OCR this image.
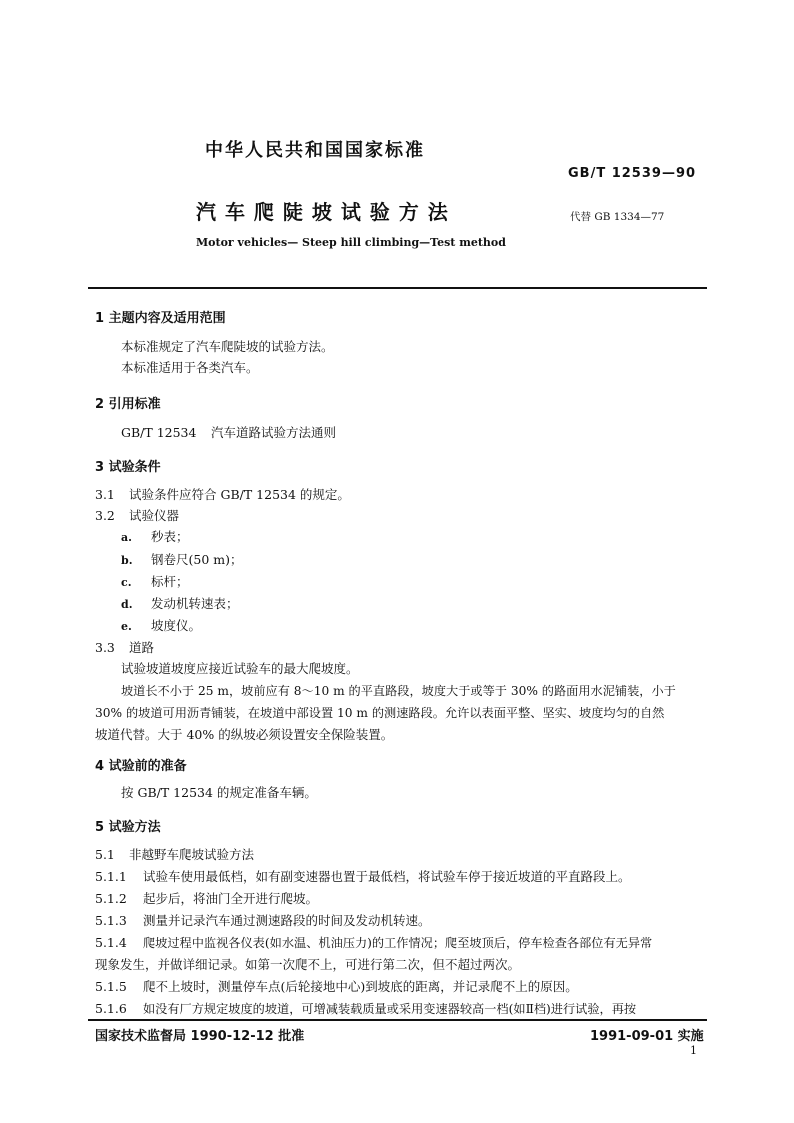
中华人民共和国国家标准
GB/T 12539—90
汽 车 爬 陡 坡 试 验 方 法	代替 GB 1334—77
Motor vehicles— Steep hill climbing—Test method
1 主题内容及适用范围
本标准规定了汽车爬陡坡的试验方法。
本标准适用于各类汽车。
2 引用标准
GB/T 12534 汽车道路试验方法通则
3 试验条件
3.1 试验条件应符合 GB/T 12534 的规定。
3.2 试验仪器
a. 秒表；
b. 钢卷尺(50 m)；
c. 标杆；
d. 发动机转速表；
e. 坡度仪。
3.3 道路
试验坡道坡度应接近试验车的最大爬坡度。
坡道长不小于 25 m，坡前应有 8～10 m 的平直路段，坡度大于或等于 30% 的路面用水泥铺装，小于
30% 的坡道可用沥青铺装，在坡道中部设置 10 m 的测速路段。允许以表面平整、坚实、坡度均匀的自然
坡道代替。大于 40% 的纵坡必须设置安全保险装置。
4 试验前的准备
按 GB/T 12534 的规定准备车辆。
5 试验方法
5.1 非越野车爬坡试验方法
5.1.1 试验车使用最低档，如有副变速器也置于最低档，将试验车停于接近坡道的平直路段上。
5.1.2 起步后，将油门全开进行爬坡。
5.1.3 测量并记录汽车通过测速路段的时间及发动机转速。
5.1.4 爬坡过程中监视各仪表(如水温、机油压力)的工作情况；爬至坡顶后，停车检查各部位有无异常
现象发生，并做详细记录。如第一次爬不上，可进行第二次，但不超过两次。
5.1.5 爬不上坡时，测量停车点(后轮接地中心)到坡底的距离，并记录爬不上的原因。
5.1.6 如没有厂方规定坡度的坡道，可增减装载质量或采用变速器较高一档(如Ⅱ档)进行试验，再按
国家技术监督局 1990-12-12 批准	1991-09-01 实施
1
